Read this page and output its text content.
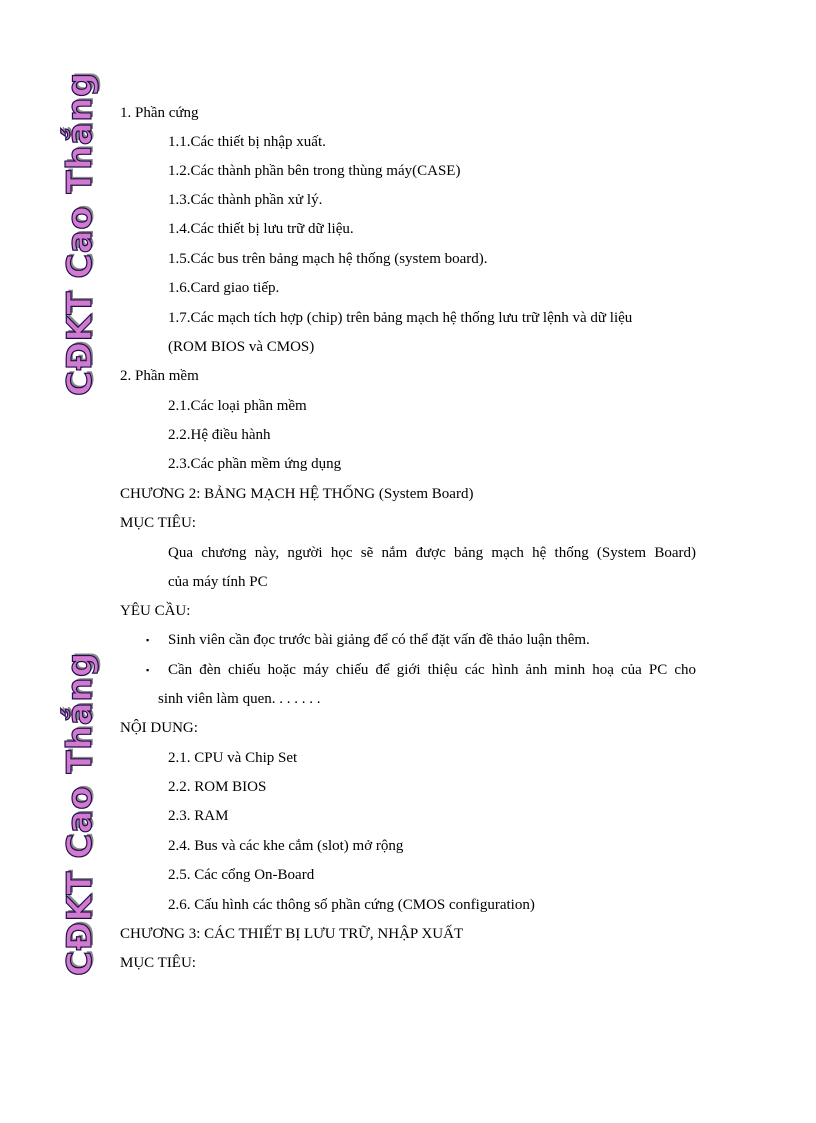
CĐKT Cao Thắng
CĐKT Cao Thắng
1. Phần cứng
1.1.Các thiết bị nhập xuất.
1.2.Các thành phần bên trong thùng máy(CASE)
1.3.Các thành phần xử lý.
1.4.Các thiết bị lưu trữ dữ liệu.
1.5.Các bus trên bảng mạch hệ thống (system board).
1.6.Card giao tiếp.
1.7.Các mạch tích hợp (chip) trên bảng mạch hệ thống lưu trữ lệnh và dữ liệu
(ROM BIOS và CMOS)
2. Phần mềm
2.1.Các loại phần mềm
2.2.Hệ điều hành
2.3.Các phần mềm ứng dụng
CHƯƠNG 2: BẢNG MẠCH HỆ THỐNG (System Board)
MỤC TIÊU:
Qua chương này, người học sẽ nắm được bảng mạch hệ thống (System Board)
của máy tính PC
YÊU CẦU:
▪ Sinh viên cần đọc trước bài giảng để có thể đặt vấn đề thảo luận thêm.
▪ Cần đèn chiếu hoặc máy chiếu để giới thiệu các hình ảnh minh hoạ của PC cho
sinh viên làm quen. . . . . . .
NỘI DUNG:
2.1. CPU và Chip Set
2.2. ROM BIOS
2.3. RAM
2.4. Bus và các khe cắm (slot) mở rộng
2.5. Các cổng On-Board
2.6. Cấu hình các thông số phần cứng (CMOS configuration)
CHƯƠNG 3: CÁC THIẾT BỊ LƯU TRỮ, NHẬP XUẤT
MỤC TIÊU:
